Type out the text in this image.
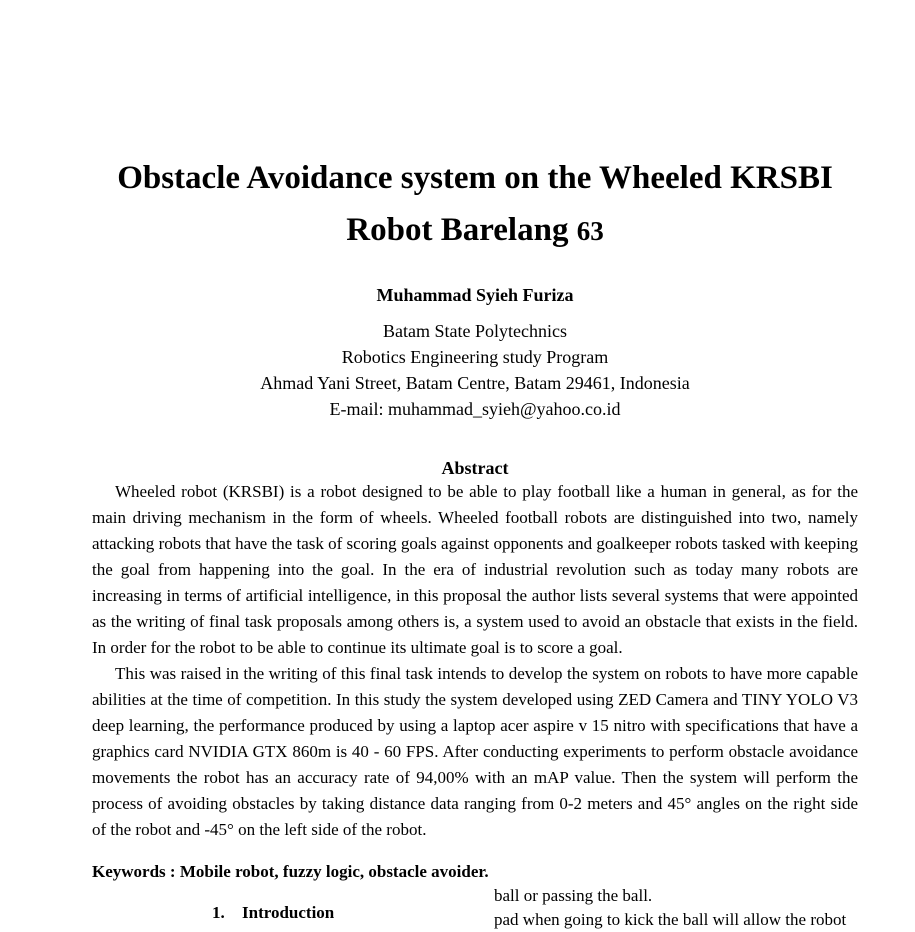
Obstacle Avoidance system on the Wheeled KRSBI
Robot Barelang 63
Muhammad Syieh Furiza
Batam State Polytechnics
Robotics Engineering study Program
Ahmad Yani Street, Batam Centre, Batam 29461, Indonesia
E-mail: muhammad_syieh@yahoo.co.id
Abstract

Wheeled robot (KRSBI) is a robot designed to be able to play football like a human in general, as for the main driving mechanism in the form of wheels. Wheeled football robots are distinguished into two, namely attacking robots that have the task of scoring goals against opponents and goalkeeper robots tasked with keeping the goal from happening into the goal. In the era of industrial revolution such as today many robots are increasing in terms of artificial intelligence, in this proposal the author lists several systems that were appointed as the writing of final task proposals among others is, a system used to avoid an obstacle that exists in the field. In order for the robot to be able to continue its ultimate goal is to score a goal.

This was raised in the writing of this final task intends to develop the system on robots to have more capable abilities at the time of competition. In this study the system developed using ZED Camera and TINY YOLO V3 deep learning, the performance produced by using a laptop acer aspire v 15 nitro with specifications that have a graphics card NVIDIA GTX 860m is 40 - 60 FPS. After conducting experiments to perform obstacle avoidance movements the robot has an accuracy rate of 94,00% with an mAP value. Then the system will perform the process of avoiding obstacles by taking distance data ranging from 0-2 meters and 45° angles on the right side of the robot and -45° on the left side of the robot.

Keywords : Mobile robot, fuzzy logic, obstacle avoider.
1. Introduction
ball or passing the ball.
pad when going to kick the ball will allow the robot
